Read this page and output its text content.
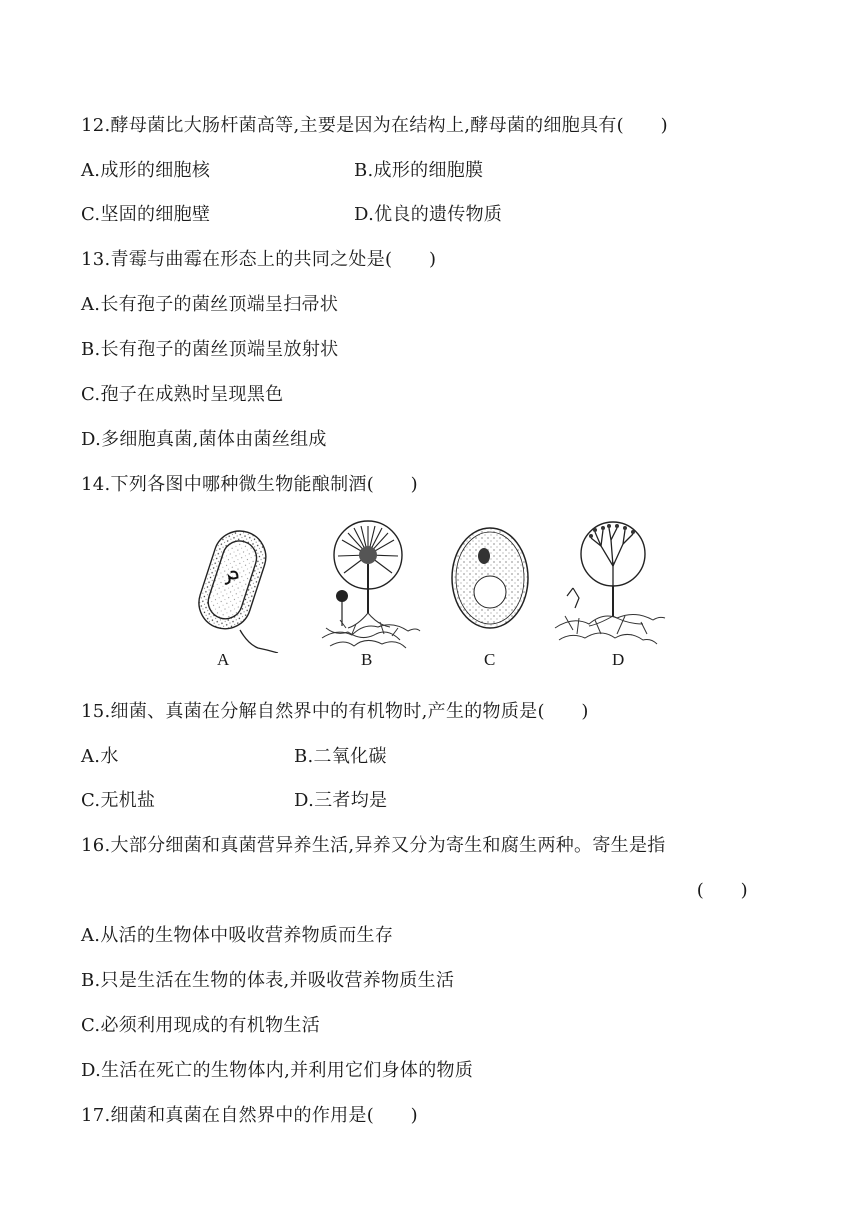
12.酵母菌比大肠杆菌高等,主要是因为在结构上,酵母菌的细胞具有(　　)
A.成形的细胞核	B.成形的细胞膜
C.坚固的细胞壁	D.优良的遗传物质
13.青霉与曲霉在形态上的共同之处是(　　)
A.长有孢子的菌丝顶端呈扫帚状
B.长有孢子的菌丝顶端呈放射状
C.孢子在成熟时呈现黑色
D.多细胞真菌,菌体由菌丝组成
14.下列各图中哪种微生物能酿制酒(　　)
A	B	C	D
15.细菌、真菌在分解自然界中的有机物时,产生的物质是(　　)
A.水	B.二氧化碳
C.无机盐	D.三者均是
16.大部分细菌和真菌营异养生活,异养又分为寄生和腐生两种。寄生是指
(　　)
A.从活的生物体中吸收营养物质而生存
B.只是生活在生物的体表,并吸收营养物质生活
C.必须利用现成的有机物生活
D.生活在死亡的生物体内,并利用它们身体的物质
17.细菌和真菌在自然界中的作用是(　　)
